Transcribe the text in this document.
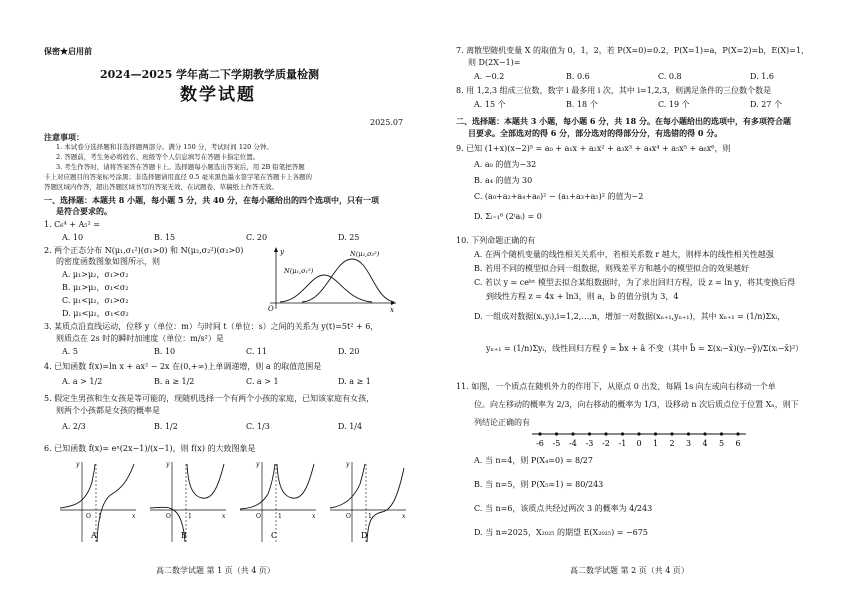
保密★启用前
2024—2025 学年高二下学期教学质量检测
数学试题
2025.07
注意事项：
1. 本试卷分选择题和非选择题两部分。满分 150 分，考试时间 120 分钟。
2. 答题前，考生务必将姓名、班级等个人信息填写在答题卡指定位置。
3. 考生作答时，请将答案答在答题卡上。选择题每小题选出答案后，用 2B 铅笔把答题
卡上对应题目的答案标号涂黑；非选择题请用直径 0.5 毫米黑色墨水签字笔在答题卡上各题的
答题区域内作答，超出答题区域书写的答案无效，在试题卷、草稿纸上作答无效。
一、选择题：本题共 8 小题，每小题 5 分，共 40 分，在每小题给出的四个选项中，只有一项
是符合要求的。
1. C₆⁴ + A₅² =
A. 10	B. 15	C. 20	D. 25
2. 两个正态分布 N(μ₁,σ₁²)(σ₁>0) 和 N(μ₂,σ₂²)(σ₂>0)
的密度函数图象如图所示，则
A. μ₁>μ₂，σ₁>σ₂
B. μ₁>μ₂，σ₁<σ₂
C. μ₁<μ₂，σ₁>σ₂
D. μ₁<μ₂，σ₁<σ₂
y
x
O
N(μ₁,σ₁²)
N(μ₂,σ₂²)
3. 某质点沿直线运动，位移 y（单位：m）与时间 t（单位：s）之间的关系为 y(t)=5t² + 6，
则质点在 2s 时的瞬时加速度（单位：m/s²）是
A. 5	B. 10	C. 11	D. 20
4. 已知函数 f(x)=ln x + ax² − 2x 在(0,+∞)上单调递增，则 a 的取值范围是
A. a > 1/2	B. a ≥ 1/2	C. a > 1	D. a ≥ 1
5. 假定生男孩和生女孩是等可能的，现随机选择一个有两个小孩的家庭，已知该家庭有女孩，
则两个小孩都是女孩的概率是
A. 2/3	B. 1/2	C. 1/3	D. 1/4
6. 已知函数 f(x)= eˣ(2x−1)/(x−1)，则 f(x) 的大致图象是
O 1	x
y
A
O	1	x
y
B
O	1	x
y
C
O	1	x
y
D
高二数学试题 第 1 页（共 4 页）
7. 离散型随机变量 X 的取值为 0，1，2，若 P(X=0)=0.2，P(X=1)=a，P(X=2)=b，E(X)=1，
则 D(2X−1)=
A. −0.2	B. 0.6	C. 0.8	D. 1.6
8. 用 1,2,3 组成三位数，数字 i 最多用 i 次，其中 i=1,2,3，则满足条件的三位数个数是
A. 15 个	B. 18 个	C. 19 个	D. 27 个
二、选择题：本题共 3 小题，每小题 6 分，共 18 分。在每小题给出的选项中，有多项符合题
目要求。全部选对的得 6 分，部分选对的得部分分，有选错的得 0 分。
9. 已知 (1+x)(x−2)⁵ = a₀ + a₁x + a₂x² + a₃x³ + a₄x⁴ + a₅x⁵ + a₆x⁶，则
A. a₀ 的值为−32
B. a₄ 的值为 30
C. (a₀+a₂+a₄+a₆)² − (a₁+a₃+a₅)² 的值为−2
D. Σᵢ₌₁⁶ (2ⁱaᵢ) = 0
10. 下列命题正确的有
A. 在两个随机变量的线性相关关系中，若相关系数 r 越大，则样本的线性相关性越强
B. 若用不同的模型拟合同一组数据，则残差平方和越小的模型拟合的效果越好
C. 若以 y = ceᵏˣ 模型去拟合某组数据时，为了求出回归方程，设 z = ln y，将其变换后得
到线性方程 z = 4x + ln3，则 a，b 的值分别为 3，4
D. 一组成对数据(xᵢ,yᵢ),i=1,2,…,n，增加一对数据(xₙ₊₁,yₙ₊₁)，其中 xₙ₊₁ = (1/n)Σxᵢ，
yₙ₊₁ = (1/n)Σyᵢ，线性回归方程 ŷ = b̂x + â 不变（其中 b̂ = Σ(xᵢ−x̄)(yᵢ−ȳ)/Σ(xᵢ−x̄)²）
11. 如图，一个质点在随机外力的作用下，从原点 0 出发，每隔 1s 向左或向右移动一个单
位。向左移动的概率为 2/3，向右移动的概率为 1/3，设移动 n 次后质点位于位置 Xₙ，则下
列结论正确的有
-6 -5 -4 -3 -2 -1 0 1 2 3 4 5 6
A. 当 n=4，则 P(X₄=0) = 8/27
B. 当 n=5，则 P(X₅=1) = 80/243
C. 当 n=6，该质点共经过两次 3 的概率为 4/243
D. 当 n=2025，X₂₀₂₅ 的期望 E(X₂₀₂₅) = −675
高二数学试题 第 2 页（共 4 页）
